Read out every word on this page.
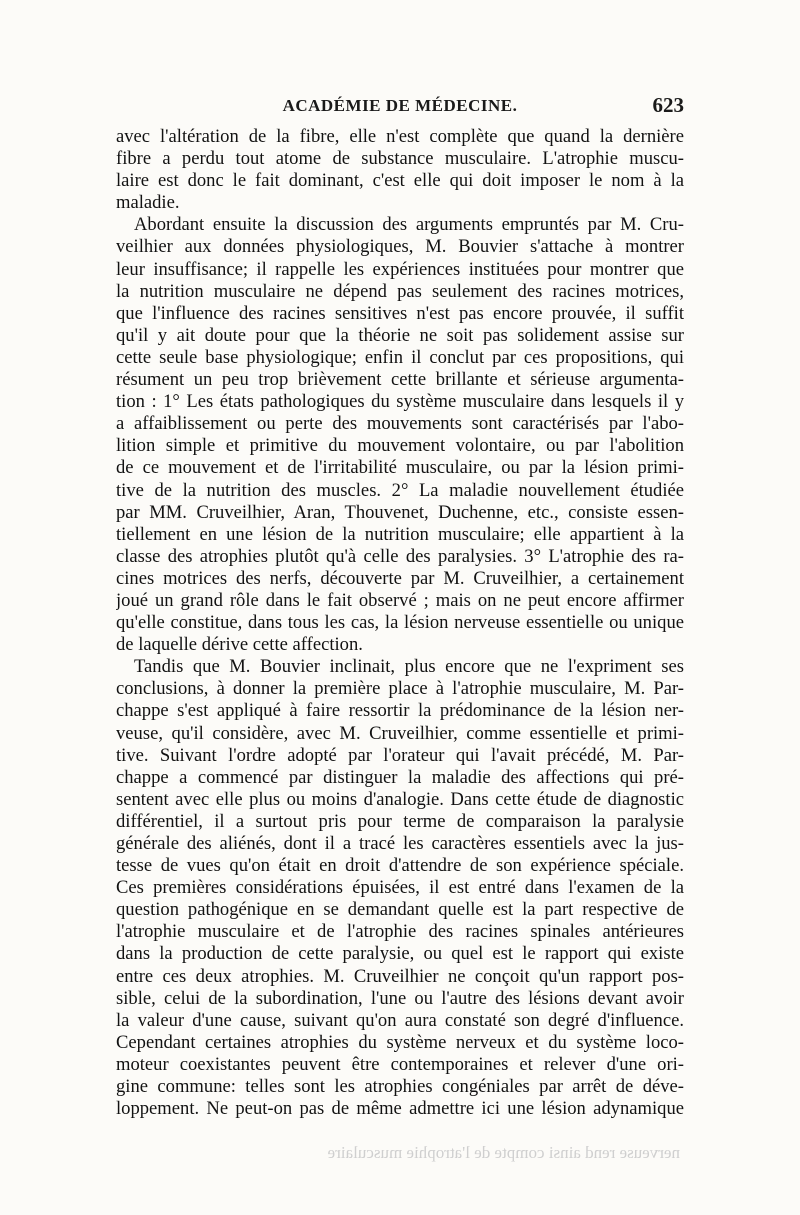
ACADÉMIE DE MÉDECINE.	623
avec l'altération de la fibre, elle n'est complète que quand la dernière
fibre a perdu tout atome de substance musculaire. L'atrophie muscu-
laire est donc le fait dominant, c'est elle qui doit imposer le nom à la
maladie.
Abordant ensuite la discussion des arguments empruntés par M. Cru-
veilhier aux données physiologiques, M. Bouvier s'attache à montrer
leur insuffisance; il rappelle les expériences instituées pour montrer que
la nutrition musculaire ne dépend pas seulement des racines motrices,
que l'influence des racines sensitives n'est pas encore prouvée, il suffit
qu'il y ait doute pour que la théorie ne soit pas solidement assise sur
cette seule base physiologique; enfin il conclut par ces propositions, qui
résument un peu trop brièvement cette brillante et sérieuse argumenta-
tion : 1° Les états pathologiques du système musculaire dans lesquels il y
a affaiblissement ou perte des mouvements sont caractérisés par l'abo-
lition simple et primitive du mouvement volontaire, ou par l'abolition
de ce mouvement et de l'irritabilité musculaire, ou par la lésion primi-
tive de la nutrition des muscles. 2° La maladie nouvellement étudiée
par MM. Cruveilhier, Aran, Thouvenet, Duchenne, etc., consiste essen-
tiellement en une lésion de la nutrition musculaire; elle appartient à la
classe des atrophies plutôt qu'à celle des paralysies. 3° L'atrophie des ra-
cines motrices des nerfs, découverte par M. Cruveilhier, a certainement
joué un grand rôle dans le fait observé ; mais on ne peut encore affirmer
qu'elle constitue, dans tous les cas, la lésion nerveuse essentielle ou unique
de laquelle dérive cette affection.
Tandis que M. Bouvier inclinait, plus encore que ne l'expriment ses
conclusions, à donner la première place à l'atrophie musculaire, M. Par-
chappe s'est appliqué à faire ressortir la prédominance de la lésion ner-
veuse, qu'il considère, avec M. Cruveilhier, comme essentielle et primi-
tive. Suivant l'ordre adopté par l'orateur qui l'avait précédé, M. Par-
chappe a commencé par distinguer la maladie des affections qui pré-
sentent avec elle plus ou moins d'analogie. Dans cette étude de diagnostic
différentiel, il a surtout pris pour terme de comparaison la paralysie
générale des aliénés, dont il a tracé les caractères essentiels avec la jus-
tesse de vues qu'on était en droit d'attendre de son expérience spéciale.
Ces premières considérations épuisées, il est entré dans l'examen de la
question pathogénique en se demandant quelle est la part respective de
l'atrophie musculaire et de l'atrophie des racines spinales antérieures
dans la production de cette paralysie, ou quel est le rapport qui existe
entre ces deux atrophies. M. Cruveilhier ne conçoit qu'un rapport pos-
sible, celui de la subordination, l'une ou l'autre des lésions devant avoir
la valeur d'une cause, suivant qu'on aura constaté son degré d'influence.
Cependant certaines atrophies du système nerveux et du système loco-
moteur coexistantes peuvent être contemporaines et relever d'une ori-
gine commune: telles sont les atrophies congéniales par arrêt de déve-
loppement. Ne peut-on pas de même admettre ici une lésion adynamique
nerveuse rend ainsi compte de l'atrophie musculaire
